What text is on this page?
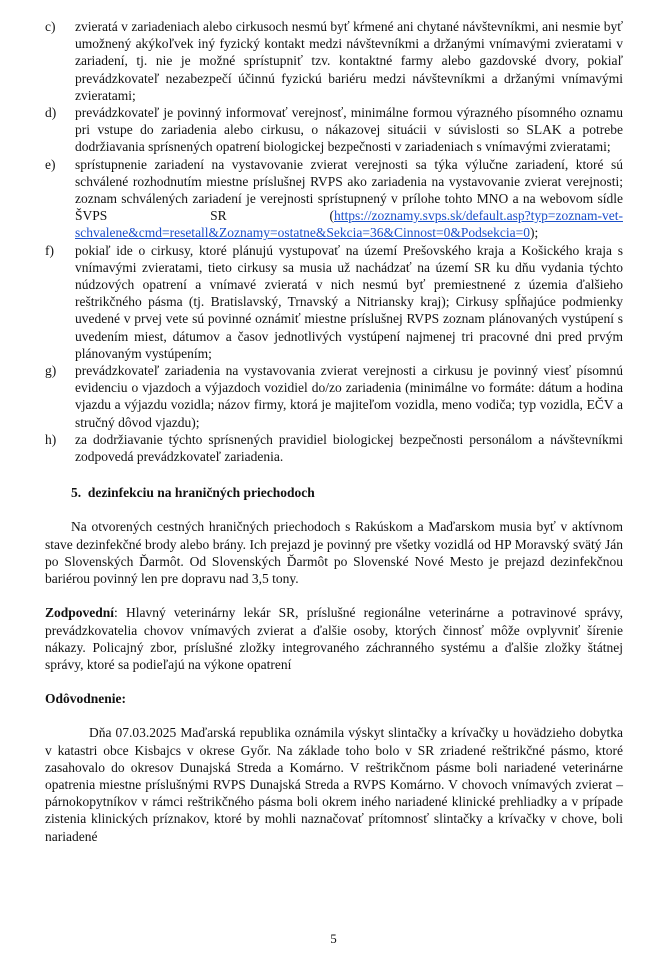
c)	zvieratá v zariadeniach alebo cirkusoch nesmú byť kŕmené ani chytané návštevníkmi, ani nesmie byť umožnený akýkoľvek iný fyzický kontakt medzi návštevníkmi a držanými vnímavými zvieratami v zariadení, tj. nie je možné sprístupniť tzv. kontaktné farmy alebo gazdovské dvory, pokiaľ prevádzkovateľ nezabezpečí účinnú fyzickú bariéru medzi návštevníkmi a držanými vnímavými zvieratami;
d)	prevádzkovateľ je povinný informovať verejnosť, minimálne formou výrazného písomného oznamu pri vstupe do zariadenia alebo cirkusu, o nákazovej situácii v súvislosti so SLAK a potrebe dodržiavania sprísnených opatrení biologickej bezpečnosti v zariadeniach s vnímavými zvieratami;
e)	sprístupnenie zariadení na vystavovanie zvierat verejnosti sa týka výlučne zariadení, ktoré sú schválené rozhodnutím miestne príslušnej RVPS ako zariadenia na vystavovanie zvierat verejnosti; zoznam schválených zariadení je verejnosti sprístupnený v prílohe tohto MNO a na webovom sídle ŠVPS SR (https://zoznamy.svps.sk/default.asp?typ=zoznam-vet-schvalene&cmd=resetall&Zoznamy=ostatne&Sekcia=36&Cinnost=0&Podsekcia=0);
f)	pokiaľ ide o cirkusy, ktoré plánujú vystupovať na území Prešovského kraja a Košického kraja s vnímavými zvieratami, tieto cirkusy sa musia už nachádzať na území SR ku dňu vydania týchto núdzových opatrení a vnímavé zvieratá v nich nesmú byť premiestnené z územia ďalšieho reštrikčného pásma (tj. Bratislavský, Trnavský a Nitriansky kraj); Cirkusy spĺňajúce podmienky uvedené v prvej vete sú povinné oznámiť miestne príslušnej RVPS zoznam plánovaných vystúpení s uvedením miest, dátumov a časov jednotlivých vystúpení najmenej tri pracovné dni pred prvým plánovaným vystúpením;
g)	prevádzkovateľ zariadenia na vystavovania zvierat verejnosti a cirkusu je povinný viesť písomnú evidenciu o vjazdoch a výjazdoch vozidiel do/zo zariadenia (minimálne vo formáte: dátum a hodina vjazdu a výjazdu vozidla; názov firmy, ktorá je majiteľom vozidla, meno vodiča; typ vozidla, EČV a stručný dôvod vjazdu);
h)	za dodržiavanie týchto sprísnených pravidiel biologickej bezpečnosti personálom a návštevníkmi zodpovedá prevádzkovateľ zariadenia.
5. dezinfekciu na hraničných priechodoch
Na otvorených cestných hraničných priechodoch s Rakúskom a Maďarskom musia byť v aktívnom stave dezinfekčné brody alebo brány. Ich prejazd je povinný pre všetky vozidlá od HP Moravský svätý Ján po Slovenských Ďarmôt. Od Slovenských Ďarmôt po Slovenské Nové Mesto je prejazd dezinfekčnou bariérou povinný len pre dopravu nad 3,5 tony.
Zodpovední: Hlavný veterinárny lekár SR, príslušné regionálne veterinárne a potravinové správy, prevádzkovatelia chovov vnímavých zvierat a ďalšie osoby, ktorých činnosť môže ovplyvniť šírenie nákazy. Policajný zbor, príslušné zložky integrovaného záchranného systému a ďalšie zložky štátnej správy, ktoré sa podieľajú na výkone opatrení
Odôvodnenie:
Dňa 07.03.2025 Maďarská republika oznámila výskyt slintačky a krívačky u hovädzieho dobytka v katastri obce Kisbajcs v okrese Győr. Na základe toho bolo v SR zriadené reštrikčné pásmo, ktoré zasahovalo do okresov Dunajská Streda a Komárno. V reštrikčnom pásme boli nariadené veterinárne opatrenia miestne príslušnými RVPS Dunajská Streda a RVPS Komárno. V chovoch vnímavých zvierat – párnokopytníkov v rámci reštrikčného pásma boli okrem iného nariadené klinické prehliadky a v prípade zistenia klinických príznakov, ktoré by mohli naznačovať prítomnosť slintačky a krívačky v chove, boli nariadené
5
